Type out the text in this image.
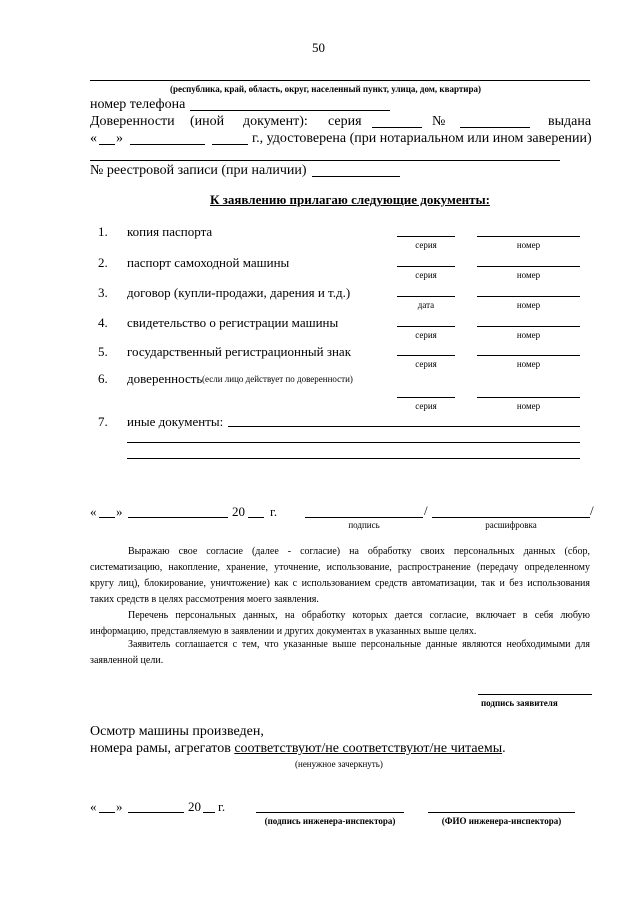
50
(республика, край, область, округ, населенный пункт, улица, дом, квартира)
номер телефона
Доверенности (иной документ): серия	№	выдана
« »	г., удостоверена (при нотариальном или ином заверении)
№ реестровой записи (при наличии)
К заявлению прилагаю следующие документы:
1. копия паспорта
серия	номер
2. паспорт самоходной машины
серия	номер
3. договор (купли-продажи, дарения и т.д.)
дата	номер
4. свидетельство о регистрации машины
серия	номер
5. государственный регистрационный знак
серия	номер
6. доверенность (если лицо действует по доверенности)
серия	номер
7. иные документы:
« »	20 г.	/	/
подпись	расшифровка
Выражаю свое согласие (далее - согласие) на обработку своих персональных данных (сбор, систематизацию, накопление, хранение, уточнение, использование, распространение (передачу определенному кругу лиц), блокирование, уничтожение) как с использованием средств автоматизации, так и без использования таких средств в целях рассмотрения моего заявления.
Перечень персональных данных, на обработку которых дается согласие, включает в себя любую информацию, представляемую в заявлении и других документах в указанных выше целях.
Заявитель соглашается с тем, что указанные выше персональные данные являются необходимыми для заявленной цели.
подпись заявителя
Осмотр машины произведен,
номера рамы, агрегатов соответствуют/не соответствуют/не читаемы.
(ненужное зачеркнуть)
« »	20 г.
(подпись инженера-инспектора)	(ФИО инженера-инспектора)
